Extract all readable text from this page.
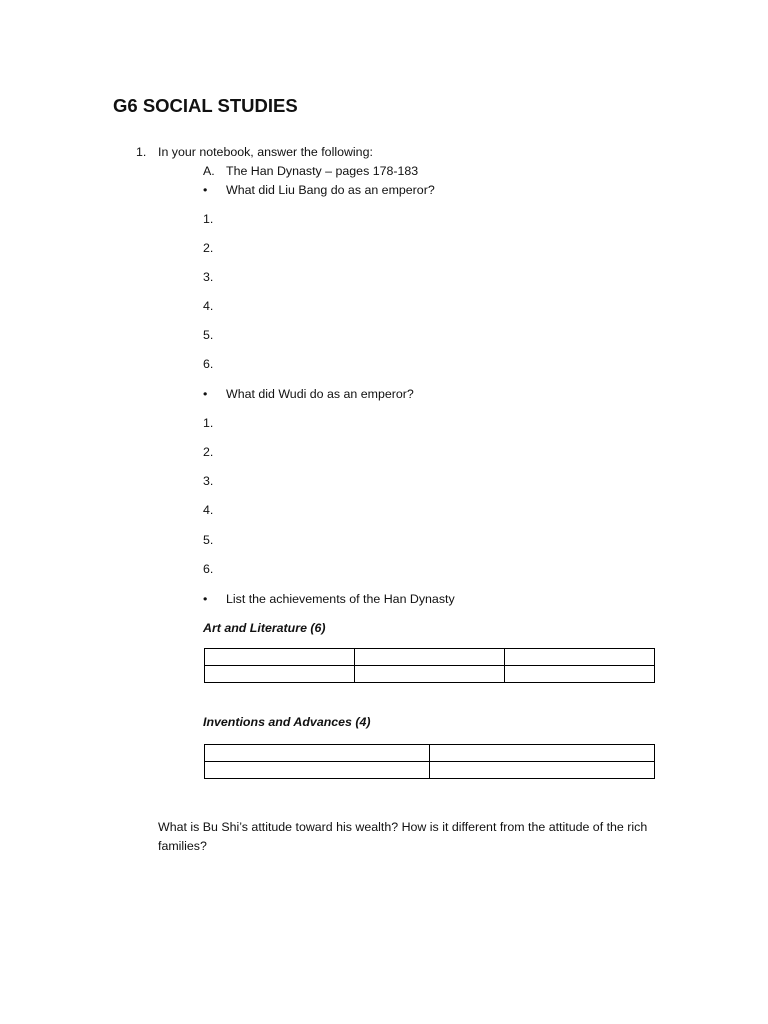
G6 SOCIAL STUDIES
1. In your notebook, answer the following:
A. The Han Dynasty – pages 178-183
• What did Liu Bang do as an emperor?
1.
2.
3.
4.
5.
6.
• What did Wudi do as an emperor?
1.
2.
3.
4.
5.
6.
• List the achievements of the Han Dynasty
Art and Literature (6)

Inventions and Advances (4)

What is Bu Shi’s attitude toward his wealth? How is it different from the attitude of the rich families?
